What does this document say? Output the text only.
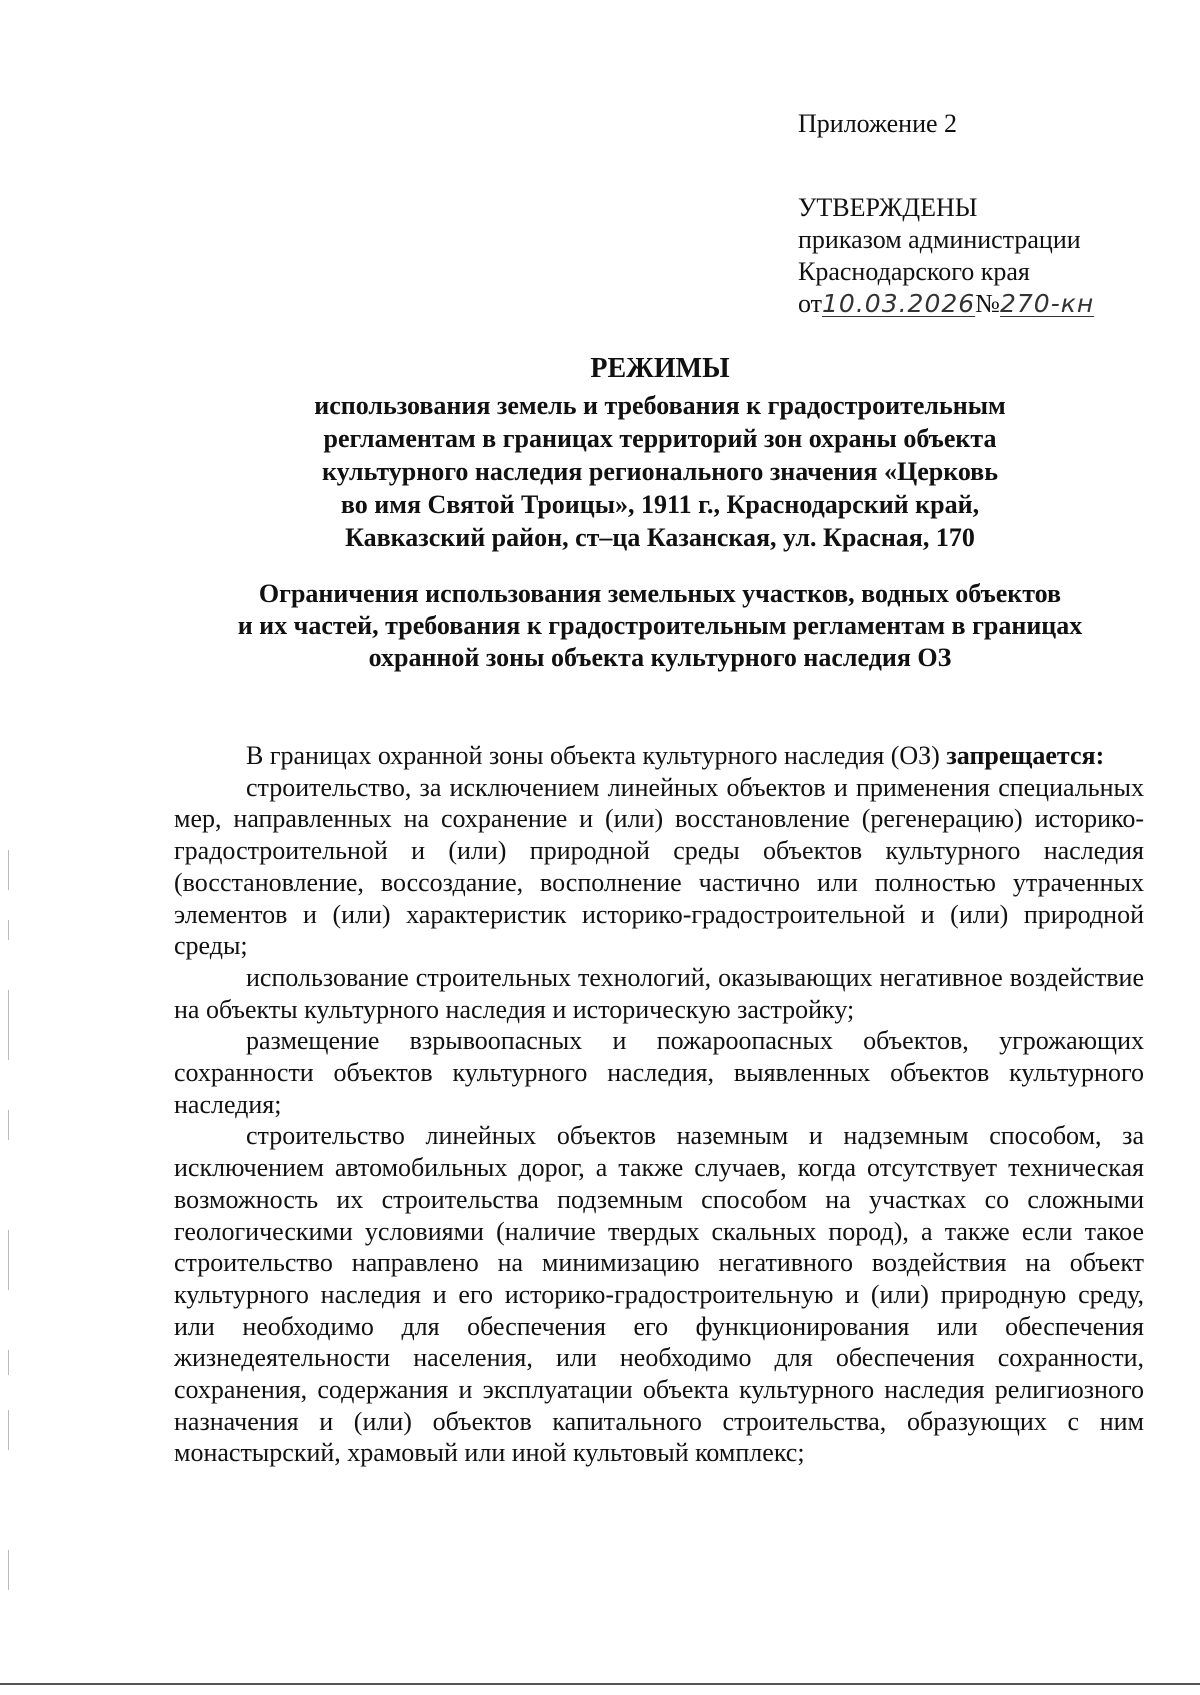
Приложение 2
УТВЕРЖДЕНЫ
приказом администрации
Краснодарского края
от10.03.2026№270-кн
РЕЖИМЫ
использования земель и требования к градостроительным
регламентам в границах территорий зон охраны объекта
культурного наследия регионального значения «Церковь
во имя Святой Троицы», 1911 г., Краснодарский край,
Кавказский район, ст–ца Казанская, ул. Красная, 170
Ограничения использования земельных участков, водных объектов
и их частей, требования к градостроительным регламентам в границах
охранной зоны объекта культурного наследия ОЗ

В границах охранной зоны объекта культурного наследия (ОЗ) запрещается:

строительство, за исключением линейных объектов и применения специальных мер, направленных на сохранение и (или) восстановление (регенерацию) историко-градостроительной и (или) природной среды объектов культурного наследия (восстановление, воссоздание, восполнение частично или полностью утраченных элементов и (или) характеристик историко-градостроительной и (или) природной среды;

использование строительных технологий, оказывающих негативное воздействие на объекты культурного наследия и историческую застройку;

размещение взрывоопасных и пожароопасных объектов, угрожающих сохранности объектов культурного наследия, выявленных объектов культурного наследия;

строительство линейных объектов наземным и надземным способом, за исключением автомобильных дорог, а также случаев, когда отсутствует техническая возможность их строительства подземным способом на участках со сложными геологическими условиями (наличие твердых скальных пород), а также если такое строительство направлено на минимизацию негативного воздействия на объект культурного наследия и его историко-градостроительную и (или) природную среду, или необходимо для обеспечения его функционирования или обеспечения жизнедеятельности населения, или необходимо для обеспечения сохранности, сохранения, содержания и эксплуатации объекта культурного наследия религиозного назначения и (или) объектов капитального строительства, образующих с ним монастырский, храмовый или иной культовый комплекс;
